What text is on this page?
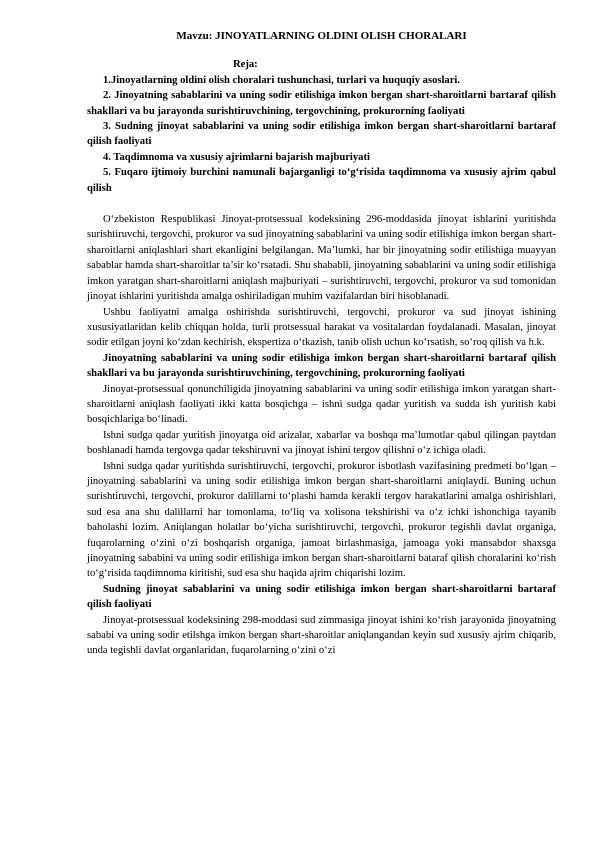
Mavzu: JINOYATLARNING OLDINI OLISH CHORALARI

Reja:

1.Jinoyatlarning oldini olish choralari tushunchasi, turlari va huquqiy asoslari.

2. Jinoyatning sabablarini va uning sodir etilishiga imkon bergan shart-sharoitlarni bartaraf qilish shakllari va bu jarayonda surishtiruvchining, tergovchining, prokurorning faoliyati

3. Sudning jinoyat sabablarini va uning sodir etilishiga imkon bergan shart-sharoitlarni bartaraf qilish faoliyati

4. Taqdimnoma va xususiy ajrimlarni bajarish majburiyati

5. Fuqaro ijtimoiy burchini namunali bajarganligi to‘g‘risida taqdimnoma va xususiy ajrim qabul qilish

O‘zbekiston Respublikasi Jinoyat-protsessual kodeksining 296-moddasida jinoyat ishlarini yuritishda surishtiruvchi, tergovchi, prokuror va sud jinoyatning sabablarini va uning sodir etilishiga imkon bergan shart-sharoitlarni aniqlashlari shart ekanligini belgilangan. Ma’lumki, har bir jinoyatning sodir etilishiga muayyan sabablar hamda shart-sharoitlar ta’sir ko‘rsatadi. Shu shababli, jinoyatning sabablarini va uning sodir etilishiga imkon yaratgan shart-sharoitlarni aniqlash majburiyati – surishtiruvchi, tergovchi, prokuror va sud tomonidan jinoyat ishlarini yuritishda amalga oshiriladigan muhim vazifalardan biri hisoblanadi.

Ushbu faoliyatni amalga oshirishda surishtiruvchi, tergovchi, prokuror va sud jinoyat ishining xususiyatlaridan kelib chiqqan holda, turli protsessual harakat va vositalardan foydalanadi. Masalan, jinoyat sodir etilgan joyni ko‘zdan kechirish, ekspertiza o‘tkazish, tanib olish uchun ko‘rsatish, so‘roq qilish va h.k.

Jinoyatning sabablarini va uning sodir etilishiga imkon bergan shart-sharoitlarni bartaraf qilish shakllari va bu jarayonda surishtiruvchining, tergovchining, prokurorning faoliyati

Jinoyat-protsessual qonunchiligida jinoyatning sabablarini va uning sodir etilishiga imkon yaratgan shart-sharoitlarni aniqlash faoliyati ikki katta bosqichga – ishni sudga qadar yuritish va sudda ish yuritish kabi bosqichlariga bo‘linadi.

Ishni sudga qadar yuritish jinoyatga oid arizalar, xabarlar va boshqa ma’lumotlar qabul qilingan paytdan boshlanadi hamda tergovga qadar tekshiruvni va jinoyat ishini tergov qilishni o‘z ichiga oladi.

Ishni sudga qadar yuritishda surishtiruvchi, tergovchi, prokuror isbotlash vazifasining predmeti bo‘lgan – jinoyatning sabablarini va uning sodir etilishiga imkon bergan shart-sharoitlarni aniqlaydi. Buning uchun surishtiruvchi, tergovchi, prokuror dalillarni to‘plashi hamda kerakli tergov harakatlarini amalga oshirishlari, sud esa ana shu dalillarni har tomonlama, to‘liq va xolisona tekshirishi va o‘z ichki ishonchiga tayanib baholashi lozim. Aniqlangan holatlar bo‘yicha surishtiruvchi, tergovchi, prokuror tegishli davlat organiga, fuqarolarning o‘zini o‘zi boshqarish organiga, jamoat birlashmasiga, jamoaga yoki mansabdor shaxsga jinoyatning sababini va uning sodir etilishiga imkon bergan shart-sharoitlarni bataraf qilish choralarini ko‘rish to‘g‘risida taqdimnoma kiritishi, sud esa shu haqida ajrim chiqarishi lozim.

Sudning jinoyat sabablarini va uning sodir etilishiga imkon bergan shart-sharoitlarni bartaraf qilish faoliyati

Jinoyat-protsessual kodeksining 298-moddasi sud zimmasiga jinoyat ishini ko‘rish jarayonida jinoyatning sababi va uning sodir etilshga imkon bergan shart-sharoitlar aniqlangandan keyin sud xususiy ajrim chiqarib, unda tegishli davlat organlaridan, fuqarolarning o‘zini o‘zi
